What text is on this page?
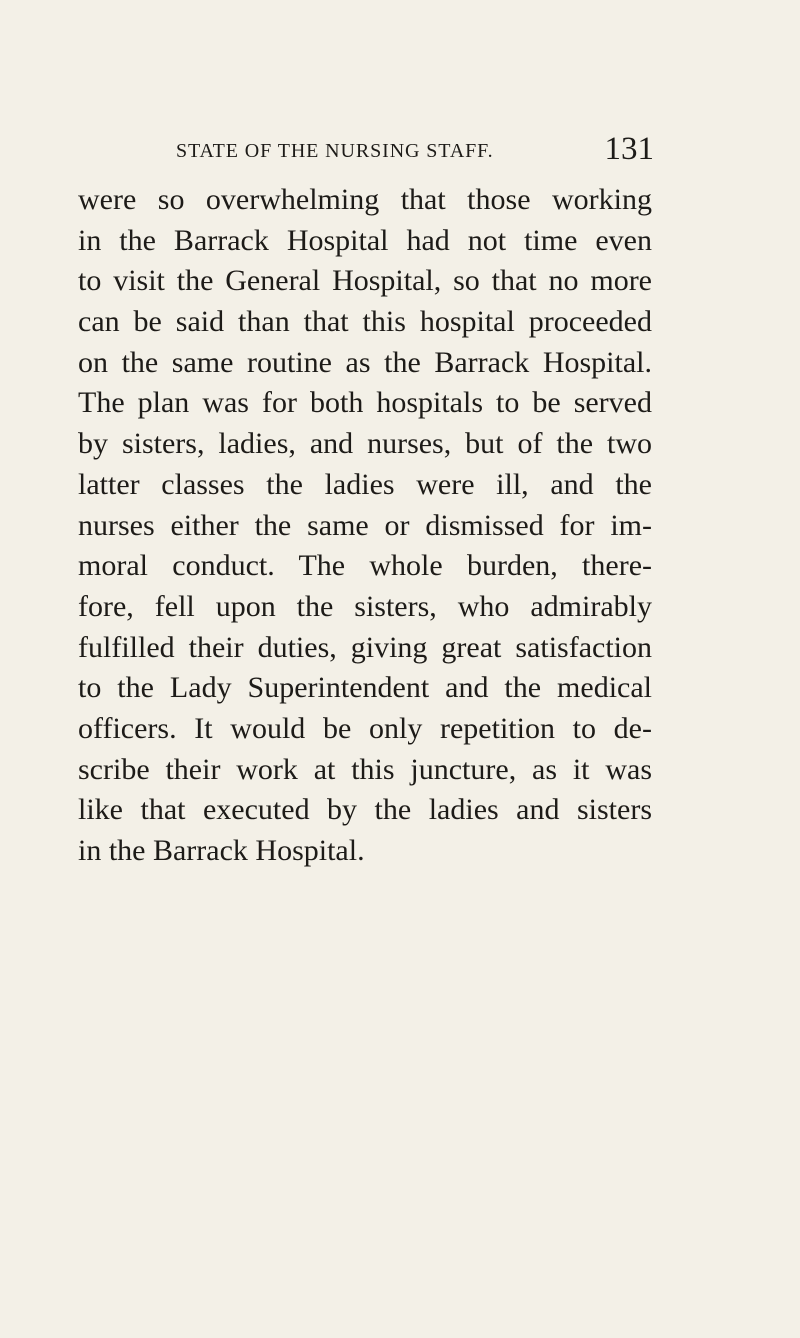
STATE OF THE NURSING STAFF.	131
were so overwhelming that those working
in the Barrack Hospital had not time even
to visit the General Hospital, so that no more
can be said than that this hospital proceeded
on the same routine as the Barrack Hospital.
The plan was for both hospitals to be served
by sisters, ladies, and nurses, but of the two
latter classes the ladies were ill, and the
nurses either the same or dismissed for im-
moral conduct. The whole burden, there-
fore, fell upon the sisters, who admirably
fulfilled their duties, giving great satisfaction
to the Lady Superintendent and the medical
officers. It would be only repetition to de-
scribe their work at this juncture, as it was
like that executed by the ladies and sisters
in the Barrack Hospital.
